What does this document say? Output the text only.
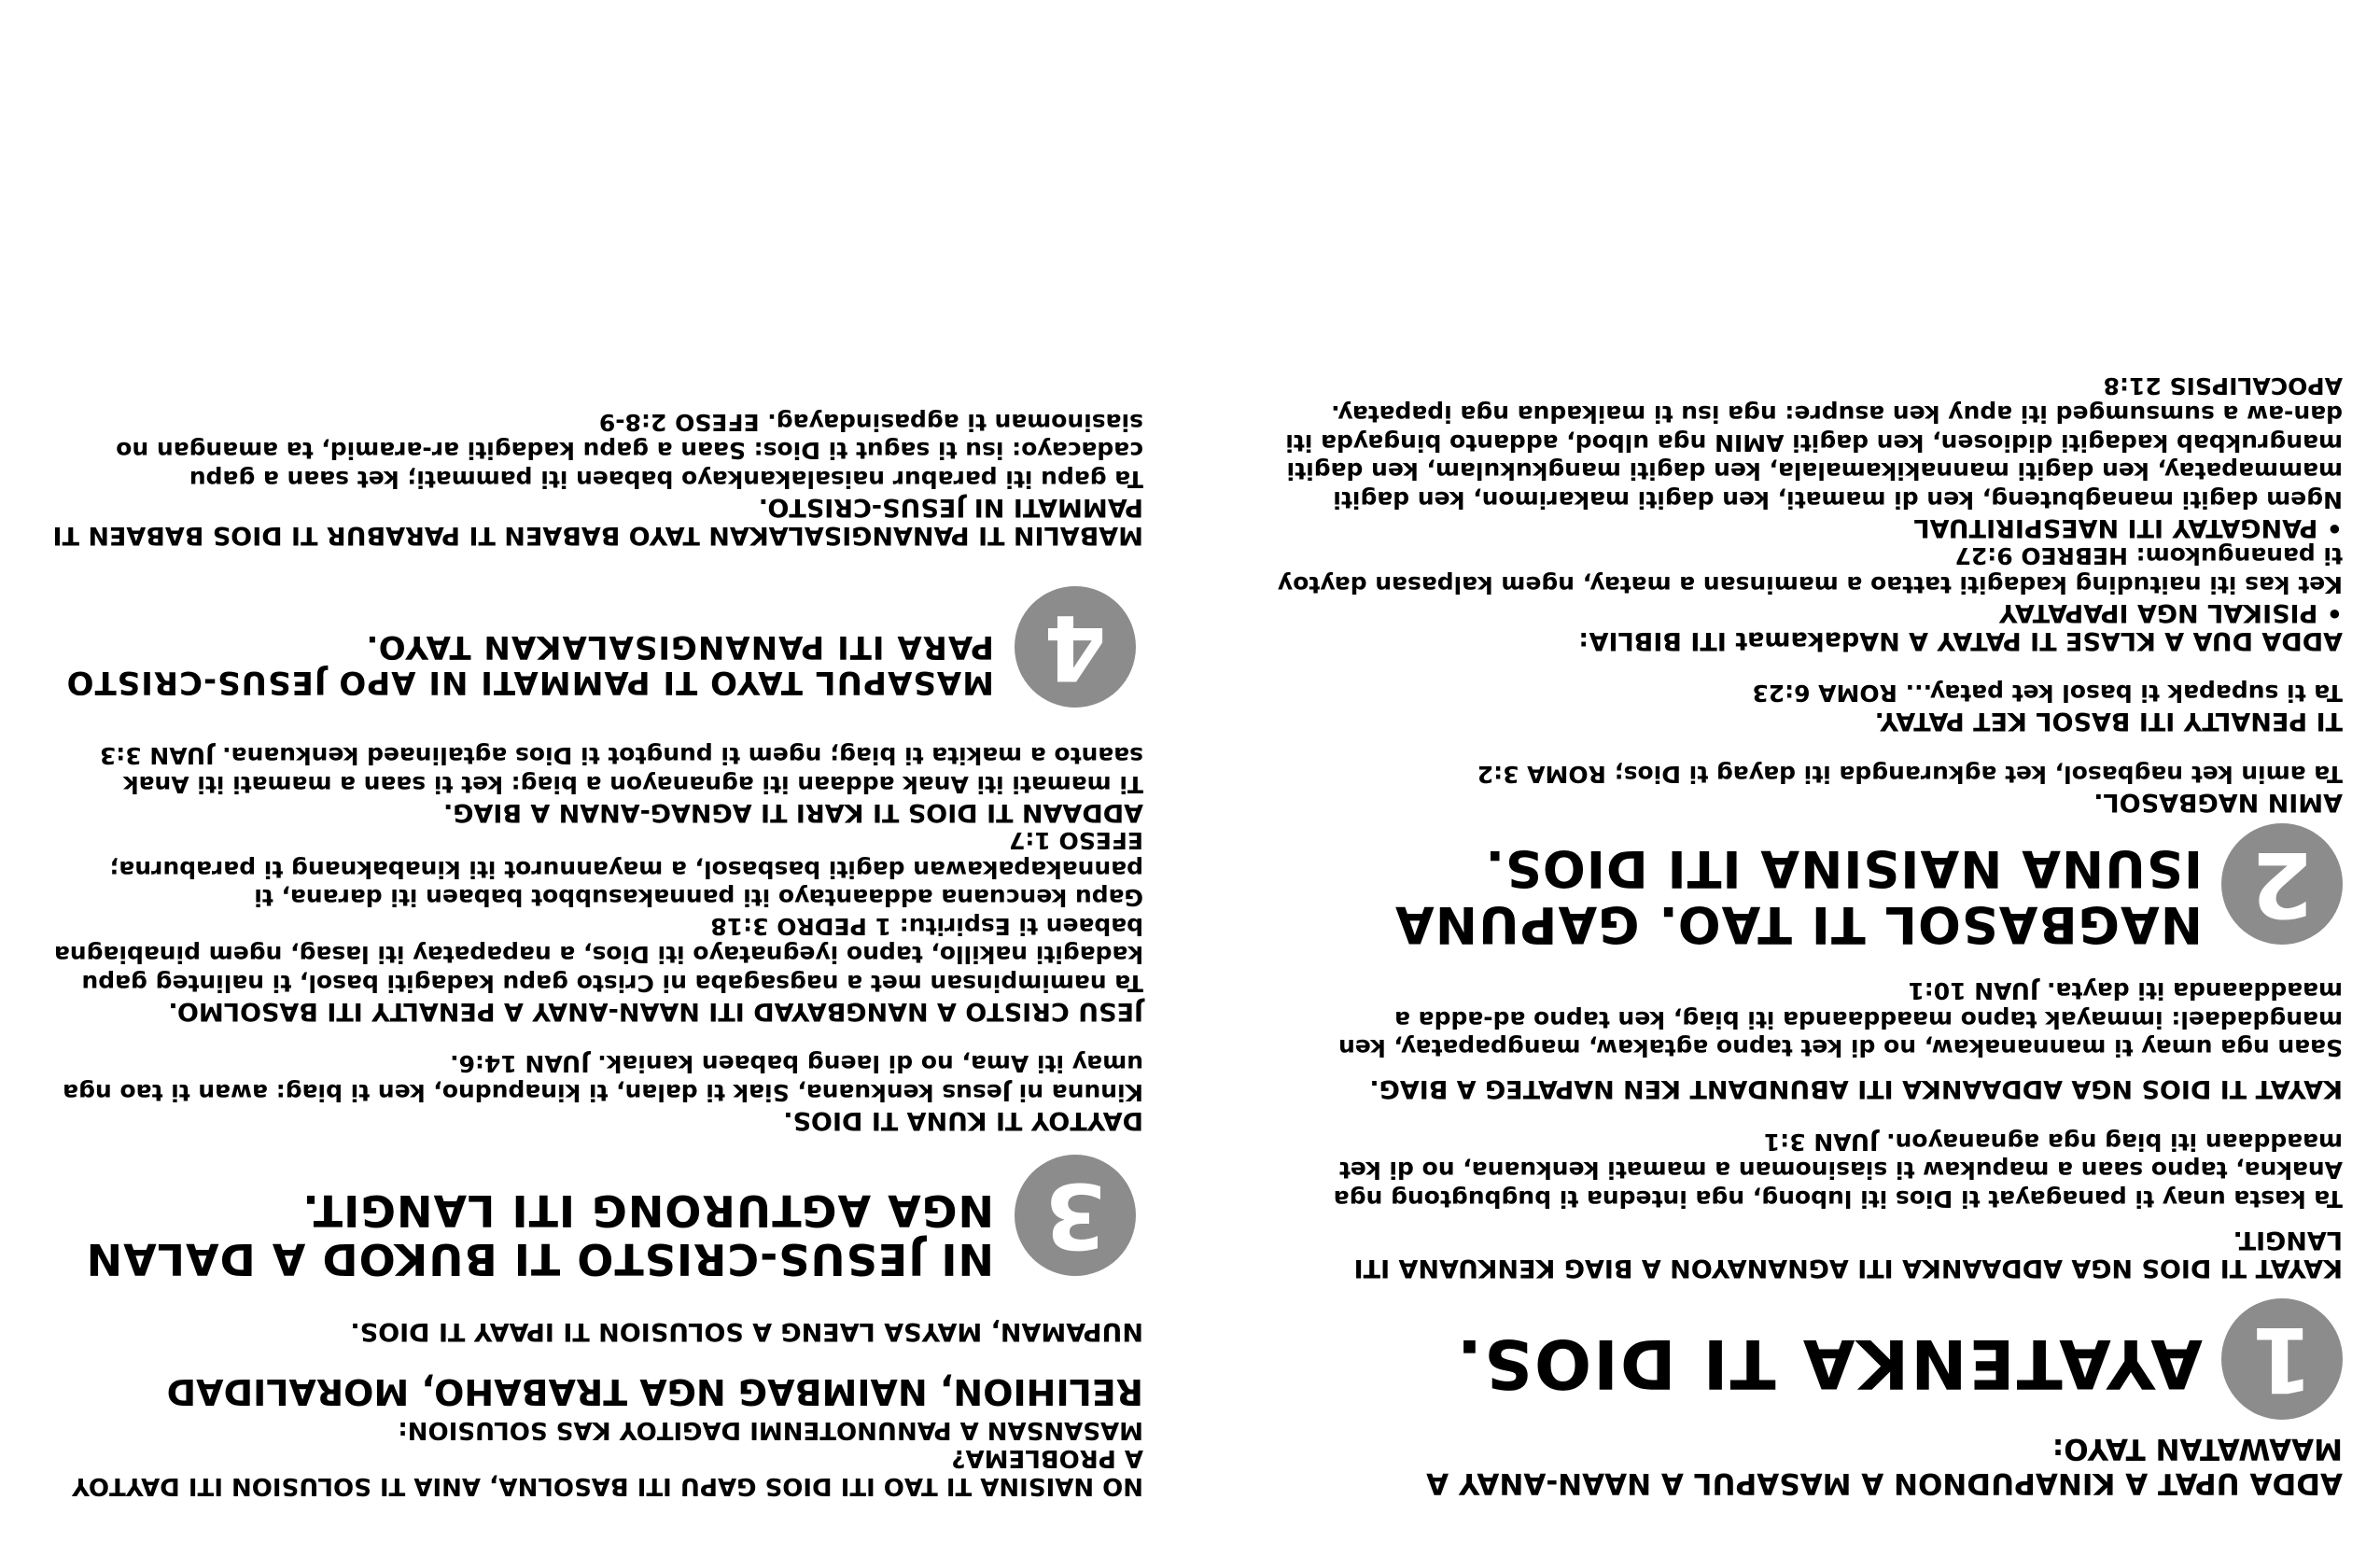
ADDA UPAT A KINAPUDNON A MASAPUL A NAAN-ANAY A MAAWATAN TAYO:

1
AYATENKA TI DIOS.

KAYAT TI DIOS NGA ADDAANKA ITI AGNANAYON A BIAG KENKUANA ITI LANGIT.

Ta kasta unay ti panagayat ti Dios iti lubong, nga intedna ti bugbugtong nga Anakna, tapno saan a mapukaw ti siasinoman a mamati kenkuana, no di ket maaddaan iti biag nga agnanayon. JUAN 3:1

KAYAT TI DIOS NGA ADDAANKA ITI ABUNDANT KEN NAPATEG A BIAG.

Saan nga umay ti mannanakaw, no di ket tapno agtakaw, mangpapatay, ken mangdadael: immayak tapno maaddaanda iti biag, ken tapno ad-adda a maaddaanda iti dayta. JUAN 10:1

2
NAGBASOL TI TAO. GAPUNA ISUNA NAISINA ITI DIOS.

AMIN NAGBASOL.

Ta amin ket nagbasol, ket agkurangda iti dayag ti Dios; ROMA 3:2

TI PENALTY ITI BASOL KET PATAY.

Ta ti supapak ti basol ket patay... ROMA 6:23

ADDA DUA A KLASE TI PATAY A NAdakamat ITI BIBLIA:

• PISIKAL NGA IPAPATAY

Ket kas iti naituding kadagiti tattao a maminsan a matay, ngem kalpasan daytoy ti panangukom: HEBREO 9:27

• PANGATAY ITI NAESPIRITUAL

Ngem dagiti managbuteng, ken di mamati, ken dagiti makarimon, ken dagiti mammapatay, ken dagiti mannakikamalala, ken dagiti mangkukulam, ken dagiti mangrukbab kadagiti didiosen, ken dagiti AMIN nga ulbod, addanto bingayda iti dan-aw a sumsumged iti apuy ken asupre: nga isu ti maikadua nga ipapatay. APOCALIPSIS 21:8

NO NAISINA TI TAO ITI DIOS GAPU ITI BASOLNA, ANIA TI SOLUSION ITI DAYTOY A PROBLEMA?

MASANSAN A PANUNOTENMI DAGITOY KAS SOLUSION:

RELIHION, NAIMBAG NGA TRABAHO, MORALIDAD

NUPAMAN, MAYSA LAENG A SOLUSION TI IPAAY TI DIOS.

3
NI JESUS-CRISTO TI BUKOD A DALAN NGA AGTURONG ITI LANGIT.

DAYTOY TI KUNA TI DIOS.

Kinuna ni Jesus kenkuana, Siak ti dalan, ti kinapudno, ken ti biag: awan ti tao nga umay iti Ama, no di laeng babaen kaniak. JUAN 14:6.

JESU CRISTO A NANGBAYAD ITI NAAN-ANAY A PENALTY ITI BASOLMO.

Ta namimpinsan met a nagsagaba ni Cristo gapu kadagiti basol, ti nalinteg gapu kadagiti nakillo, tapno iyegnatayo iti Dios, a napapatay iti lasag, ngem pinabiagna babaen ti Espiritu: 1 PEDRO 3:18

Gapu kencuana addaantayo iti pannakasubbot babaen iti darana, ti pannakapakawan dagiti basbasol, a mayannurot iti kinabaknang ti paraburna; EFESO 1:7

ADDAAN TI DIOS TI KARI TI AGNAG-ANAN A BIAG.

Ti mamati iti Anak addaan iti agnanayon a biag: ket ti saan a mamati iti Anak saanto a makita ti biag; ngem ti pungtot ti Dios agtalinaed kenkuana. JUAN 3:3

4
MASAPUL TAYO TI PAMMATI NI APO JESUS-CRISTO PARA ITI PANANGISALAKAN TAYO.

MABALIN TI PANANGISALAKAN TAYO BABAEN TI PARABUR TI DIOS BABAEN TI PAMMATI NI JESUS-CRISTO.

Ta gapu iti parabur naisalakankayo babaen iti pammati; ket saan a gapu cadacayo: isu ti sagut ti Dios: Saan a gapu kadagiti ar-aramid, ta amangan no siasinoman ti agpasindayag. EFESO 2:8-9
